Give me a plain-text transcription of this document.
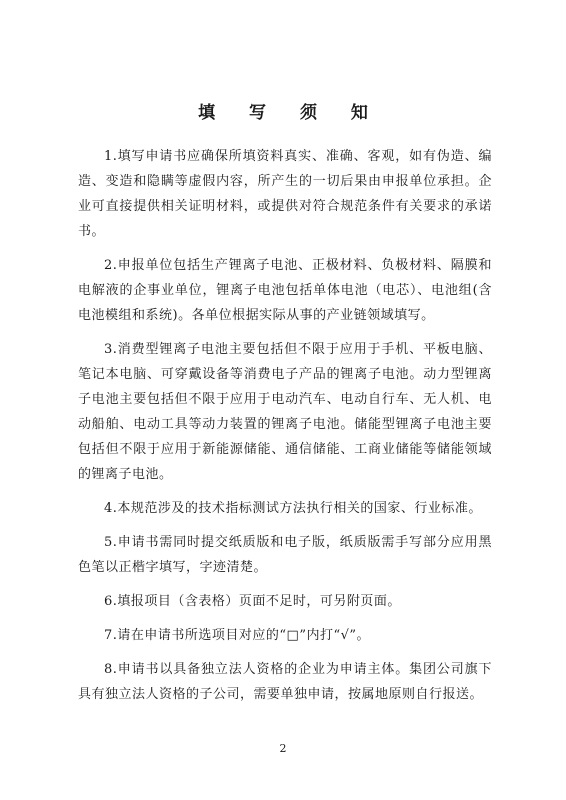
填 写 须 知

1.填写申请书应确保所填资料真实、准确、客观，如有伪造、编造、变造和隐瞒等虚假内容，所产生的一切后果由申报单位承担。企业可直接提供相关证明材料，或提供对符合规范条件有关要求的承诺书。

2.申报单位包括生产锂离子电池、正极材料、负极材料、隔膜和电解液的企事业单位，锂离子电池包括单体电池（电芯）、电池组(含电池模组和系统)。各单位根据实际从事的产业链领域填写。

3.消费型锂离子电池主要包括但不限于应用于手机、平板电脑、笔记本电脑、可穿戴设备等消费电子产品的锂离子电池。动力型锂离子电池主要包括但不限于应用于电动汽车、电动自行车、无人机、电动船舶、电动工具等动力装置的锂离子电池。储能型锂离子电池主要包括但不限于应用于新能源储能、通信储能、工商业储能等储能领域的锂离子电池。

4.本规范涉及的技术指标测试方法执行相关的国家、行业标准。

5.申请书需同时提交纸质版和电子版，纸质版需手写部分应用黑色笔以正楷字填写，字迹清楚。

6.填报项目（含表格）页面不足时，可另附页面。

7.请在申请书所选项目对应的“□”内打“√”。

8.申请书以具备独立法人资格的企业为申请主体。集团公司旗下具有独立法人资格的子公司，需要单独申请，按属地原则自行报送。

2
